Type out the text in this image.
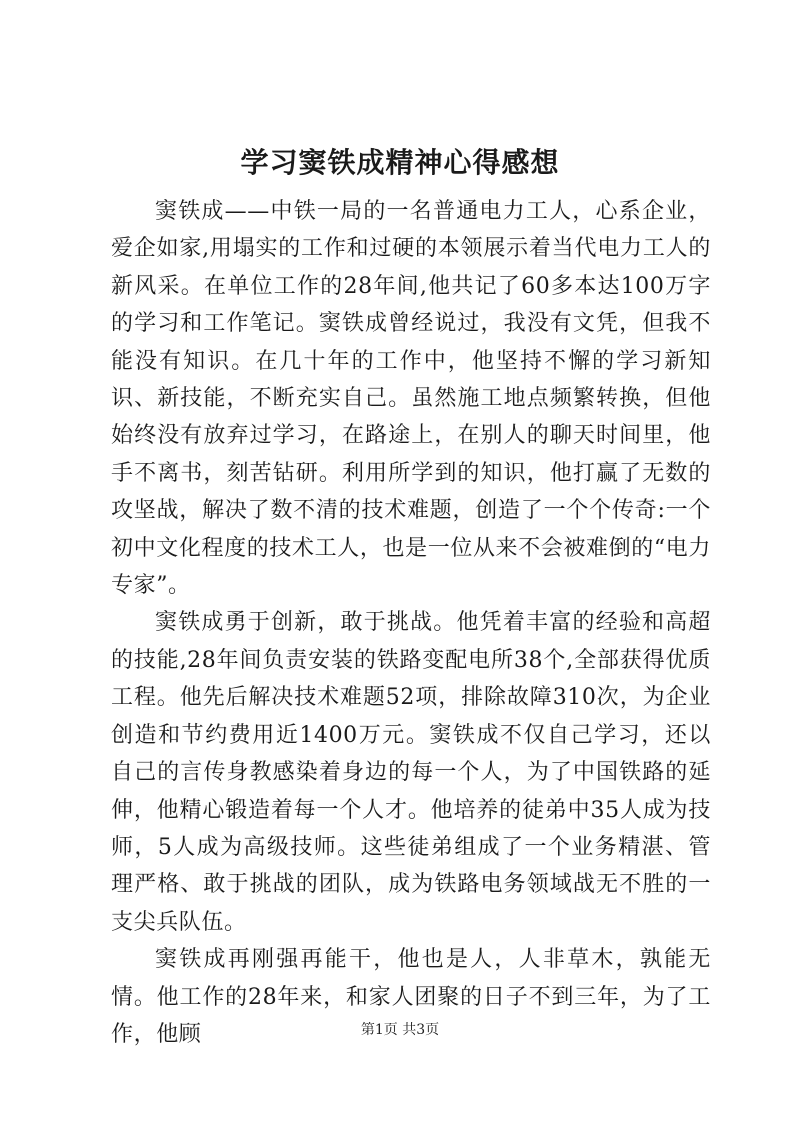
学习窦铁成精神心得感想

窦铁成——中铁一局的一名普通电力工人，心系企业，爱企如家,用塌实的工作和过硬的本领展示着当代电力工人的新风采。在单位工作的28年间,他共记了60多本达100万字的学习和工作笔记。窦铁成曾经说过，我没有文凭，但我不能没有知识。在几十年的工作中，他坚持不懈的学习新知识、新技能，不断充实自己。虽然施工地点频繁转换，但他始终没有放弃过学习，在路途上，在别人的聊天时间里，他手不离书，刻苦钻研。利用所学到的知识，他打赢了无数的攻坚战，解决了数不清的技术难题，创造了一个个传奇:一个初中文化程度的技术工人，也是一位从来不会被难倒的“电力专家”。

窦铁成勇于创新，敢于挑战。他凭着丰富的经验和高超的技能,28年间负责安装的铁路变配电所38个,全部获得优质工程。他先后解决技术难题52项，排除故障310次，为企业创造和节约费用近1400万元。窦铁成不仅自己学习，还以自己的言传身教感染着身边的每一个人，为了中国铁路的延伸，他精心锻造着每一个人才。他培养的徒弟中35人成为技师，5人成为高级技师。这些徒弟组成了一个业务精湛、管理严格、敢于挑战的团队，成为铁路电务领域战无不胜的一支尖兵队伍。

窦铁成再刚强再能干，他也是人，人非草木，孰能无情。他工作的28年来，和家人团聚的日子不到三年，为了工作，他顾	第1页 共3页
